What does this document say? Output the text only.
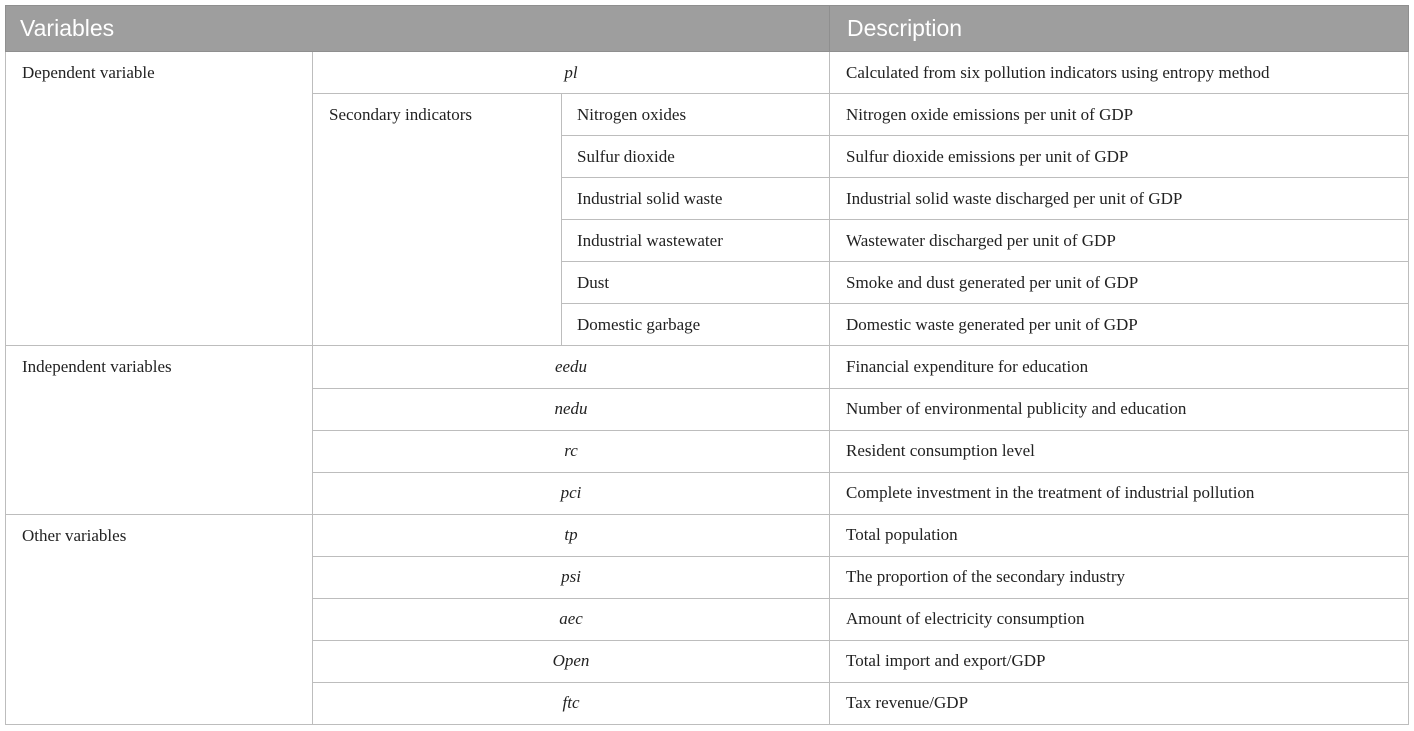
Variables			Description
Dependent variable	pl		Calculated from six pollution indicators using entropy method
	Secondary indicators	Nitrogen oxides	Nitrogen oxide emissions per unit of GDP
		Sulfur dioxide	Sulfur dioxide emissions per unit of GDP
		Industrial solid waste	Industrial solid waste discharged per unit of GDP
		Industrial wastewater	Wastewater discharged per unit of GDP
		Dust	Smoke and dust generated per unit of GDP
		Domestic garbage	Domestic waste generated per unit of GDP
Independent variables	eedu		Financial expenditure for education
	nedu		Number of environmental publicity and education
	rc		Resident consumption level
	pci		Complete investment in the treatment of industrial pollution
Other variables	tp		Total population
	psi		The proportion of the secondary industry
	aec		Amount of electricity consumption
	Open		Total import and export/GDP
	ftc		Tax revenue/GDP
